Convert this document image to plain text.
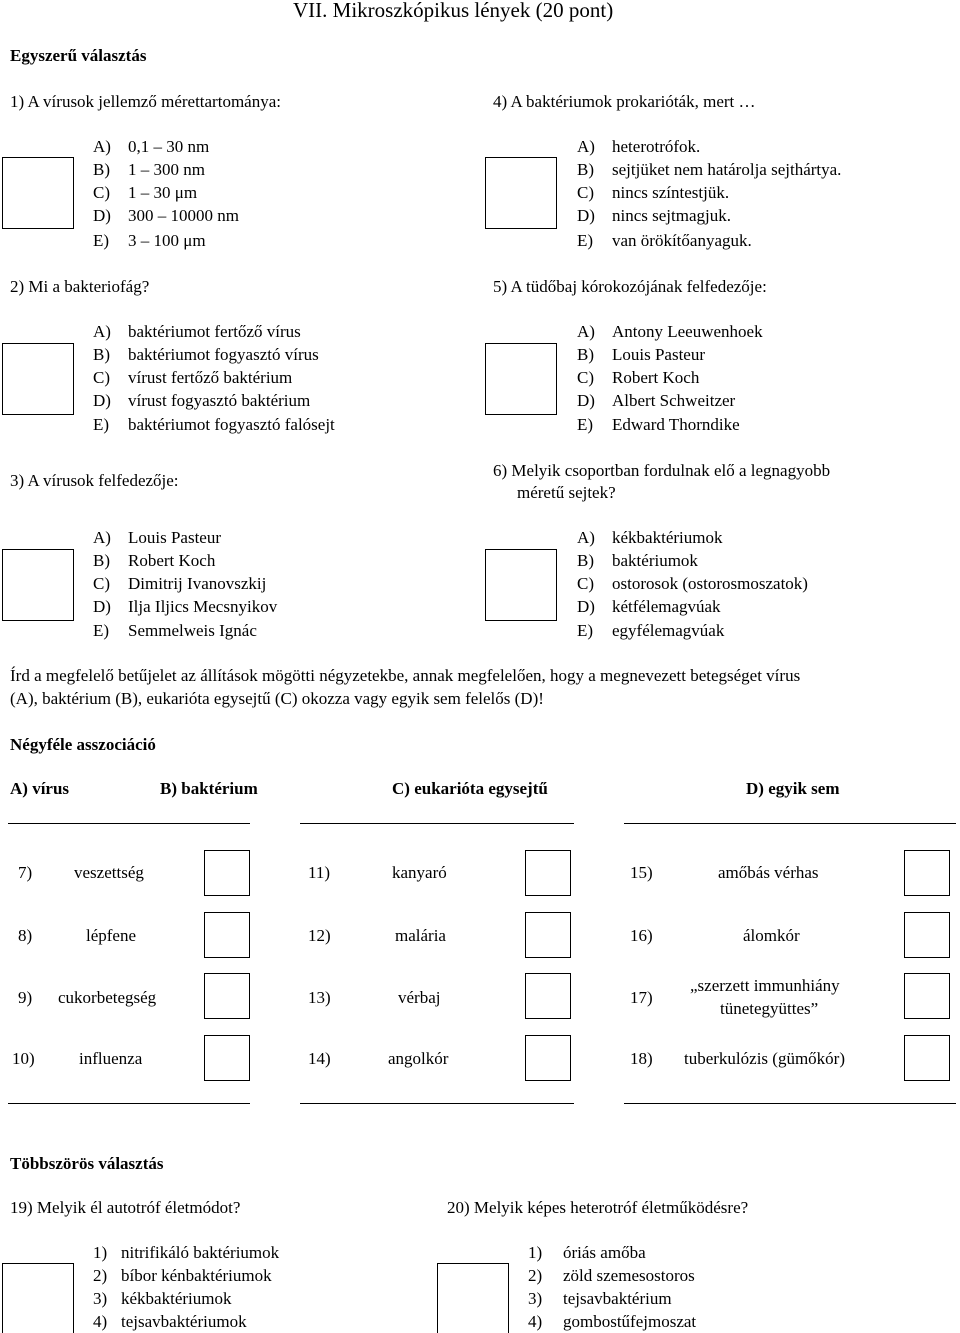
VII. Mikroszkópikus lények (20 pont)
Egyszerű választás
1) A vírusok jellemző mérettartománya:
A) 0,1 – 30 nm
B) 1 – 300 nm
C) 1 – 30 μm
D) 300 – 10000 nm
E) 3 – 100 μm
4) A baktériumok prokarióták, mert …
A) heterotrófok.
B) sejtjüket nem határolja sejthártya.
C) nincs színtestjük.
D) nincs sejtmagjuk.
E) van örökítőanyaguk.
2) Mi a bakteriofág?
A) baktériumot fertőző vírus
B) baktériumot fogyasztó vírus
C) vírust fertőző baktérium
D) vírust fogyasztó baktérium
E) baktériumot fogyasztó falósejt
5) A tüdőbaj kórokozójának felfedezője:
A) Antony Leeuwenhoek
B) Louis Pasteur
C) Robert Koch
D) Albert Schweitzer
E) Edward Thorndike
3) A vírusok felfedezője:
A) Louis Pasteur
B) Robert Koch
C) Dimitrij Ivanovszkij
D) Ilja Iljics Mecsnyikov
E) Semmelweis Ignác
6) Melyik csoportban fordulnak elő a legnagyobb
méretű sejtek?
A) kékbaktériumok
B) baktériumok
C) ostorosok (ostorosmoszatok)
D) kétfélemagvúak
E) egyfélemagvúak
Írd a megfelelő betűjelet az állítások mögötti négyzetekbe, annak megfelelően, hogy a megnevezett betegséget vírus
(A), baktérium (B), eukarióta egysejtű (C) okozza vagy egyik sem felelős (D)!
Négyféle asszociáció
A) vírus	B) baktérium	C) eukarióta egysejtű	D) egyik sem
7) veszettség
8)	lépfene
9) cukorbetegség
10)	influenza
11)	kanyaró
12)	malária
13)	vérbaj
14)	angolkór
15)	amőbás vérhas
16)	álomkór
17)
„szerzett immunhiány
tünetegyüttes”
18) tuberkulózis (gümőkór)
Többszörös választás
19) Melyik él autotróf életmódot?
1) nitrifikáló baktériumok
2) bíbor kénbaktériumok
3) kékbaktériumok
4) tejsavbaktériumok
20) Melyik képes heterotróf életműködésre?
1) óriás amőba
2) zöld szemesostoros
3) tejsavbaktérium
4) gombostűfejmoszat
